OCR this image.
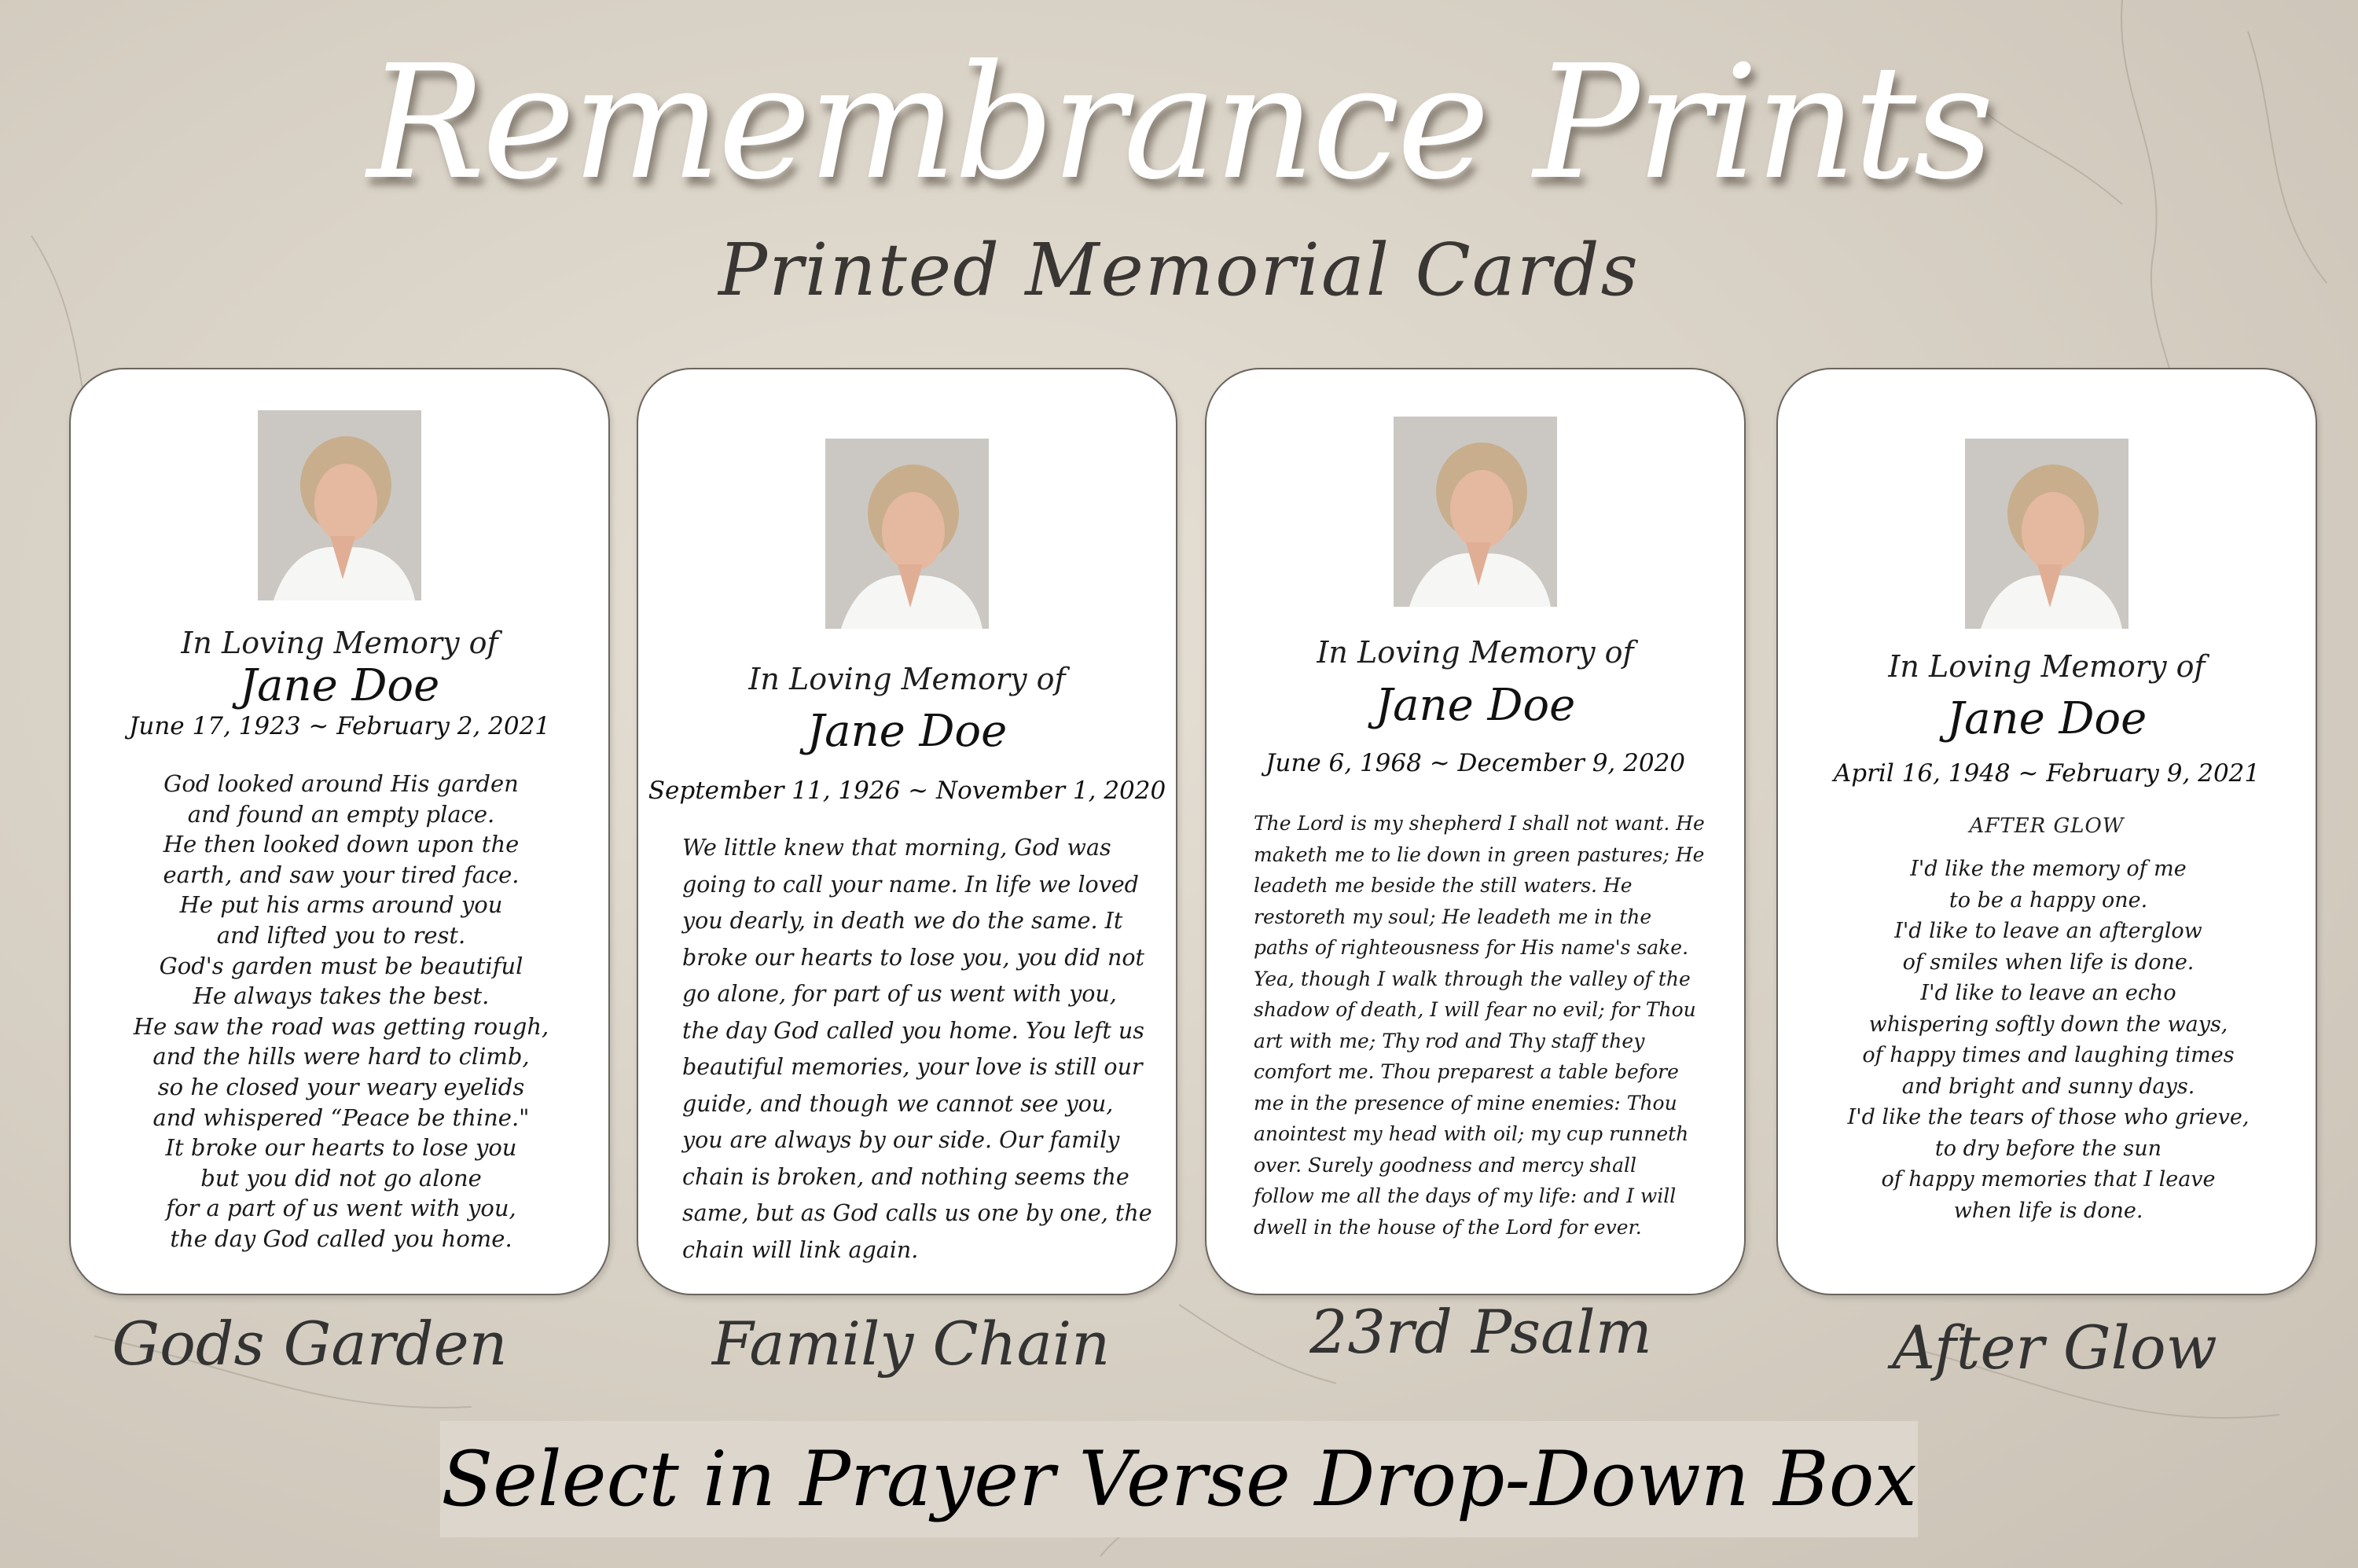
Remembrance Prints
Printed Memorial Cards
In Loving Memory of
Jane Doe
June 17, 1923 ~ February 2, 2021
God looked around His garden
and found an empty place.
He then looked down upon the
earth, and saw your tired face.
He put his arms around you
and lifted you to rest.
God's garden must be beautiful
He always takes the best.
He saw the road was getting rough,
and the hills were hard to climb,
so he closed your weary eyelids
and whispered “Peace be thine."
It broke our hearts to lose you
but you did not go alone
for a part of us went with you,
the day God called you home.
In Loving Memory of
Jane Doe
September 11, 1926 ~ November 1, 2020
We little knew that morning, God was
going to call your name. In life we loved
you dearly, in death we do the same. It
broke our hearts to lose you, you did not
go alone, for part of us went with you,
the day God called you home. You left us
beautiful memories, your love is still our
guide, and though we cannot see you,
you are always by our side. Our family
chain is broken, and nothing seems the
same, but as God calls us one by one, the
chain will link again.
In Loving Memory of
Jane Doe
June 6, 1968 ~ December 9, 2020
The Lord is my shepherd I shall not want. He
maketh me to lie down in green pastures; He
leadeth me beside the still waters. He
restoreth my soul; He leadeth me in the
paths of righteousness for His name's sake.
Yea, though I walk through the valley of the
shadow of death, I will fear no evil; for Thou
art with me; Thy rod and Thy staff they
comfort me. Thou preparest a table before
me in the presence of mine enemies: Thou
anointest my head with oil; my cup runneth
over. Surely goodness and mercy shall
follow me all the days of my life: and I will
dwell in the house of the Lord for ever.
In Loving Memory of
Jane Doe
April 16, 1948 ~ February 9, 2021
AFTER GLOW
I'd like the memory of me
to be a happy one.
I'd like to leave an afterglow
of smiles when life is done.
I'd like to leave an echo
whispering softly down the ways,
of happy times and laughing times
and bright and sunny days.
I'd like the tears of those who grieve,
to dry before the sun
of happy memories that I leave
when life is done.
Gods Garden	Family Chain	23rd Psalm	After Glow
Select in Prayer Verse Drop-Down Box
